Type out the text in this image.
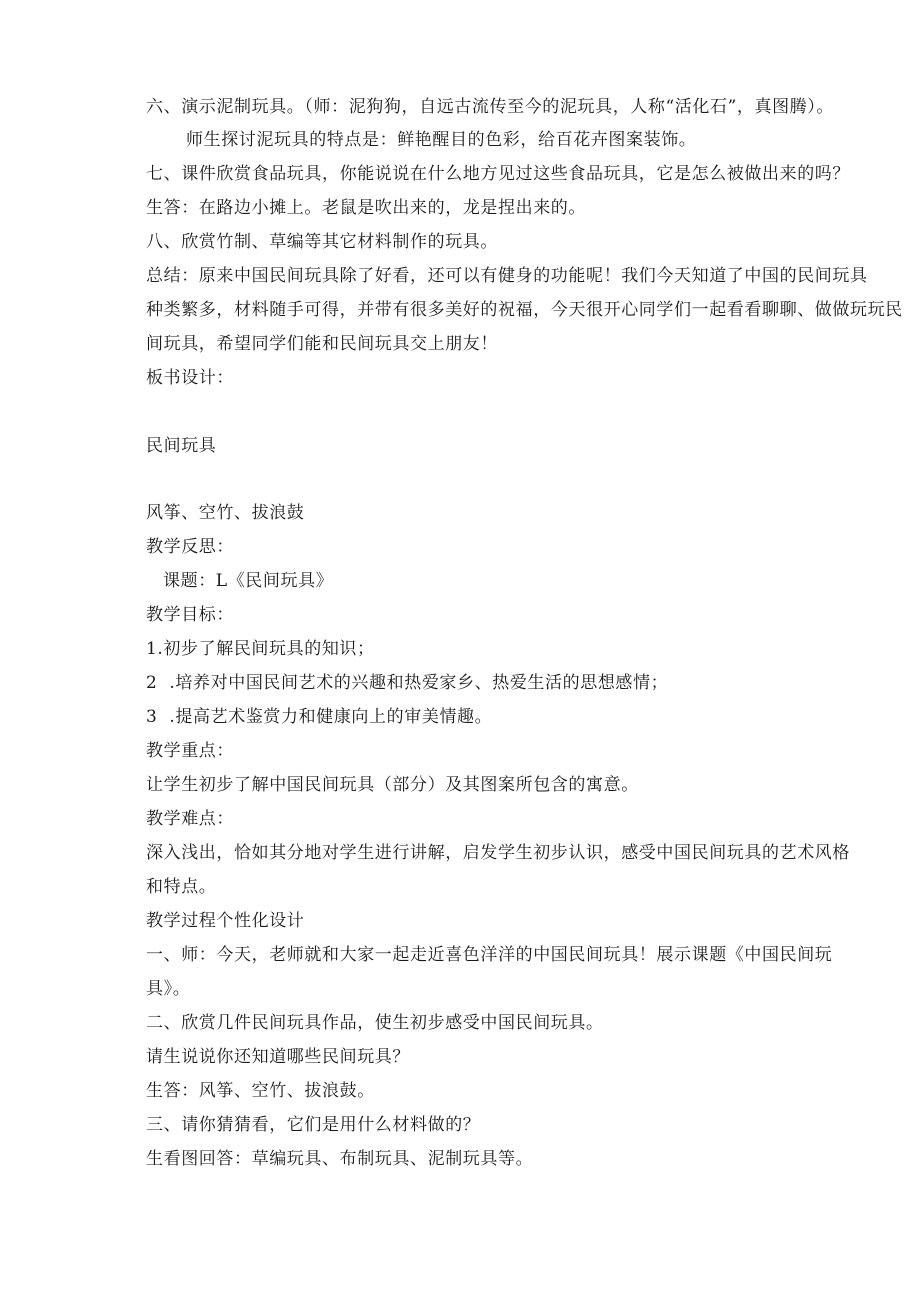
六、演示泥制玩具。（师：泥狗狗，自远古流传至今的泥玩具，人称“活化石”，真图腾）。
师生探讨泥玩具的特点是：鲜艳醒目的色彩，给百花卉图案装饰。
七、课件欣赏食品玩具，你能说说在什么地方见过这些食品玩具，它是怎么被做出来的吗？
生答：在路边小摊上。老鼠是吹出来的，龙是捏出来的。
八、欣赏竹制、草编等其它材料制作的玩具。
总结：原来中国民间玩具除了好看，还可以有健身的功能呢！我们今天知道了中国的民间玩具
种类繁多，材料随手可得，并带有很多美好的祝福，今天很开心同学们一起看看聊聊、做做玩玩民
间玩具，希望同学们能和民间玩具交上朋友！
板书设计：
民间玩具
风筝、空竹、拔浪鼓
教学反思：
课题：L《民间玩具》
教学目标：
1.初步了解民间玩具的知识；
2  .培养对中国民间艺术的兴趣和热爱家乡、热爱生活的思想感情；
3  .提高艺术鉴赏力和健康向上的审美情趣。
教学重点：
让学生初步了解中国民间玩具（部分）及其图案所包含的寓意。
教学难点：
深入浅出，恰如其分地对学生进行讲解，启发学生初步认识，感受中国民间玩具的艺术风格
和特点。
教学过程个性化设计
一、师：今天，老师就和大家一起走近喜色洋洋的中国民间玩具！展示课题《中国民间玩
具》。
二、欣赏几件民间玩具作品，使生初步感受中国民间玩具。
请生说说你还知道哪些民间玩具？
生答：风筝、空竹、拔浪鼓。
三、请你猜猜看，它们是用什么材料做的？
生看图回答：草编玩具、布制玩具、泥制玩具等。
